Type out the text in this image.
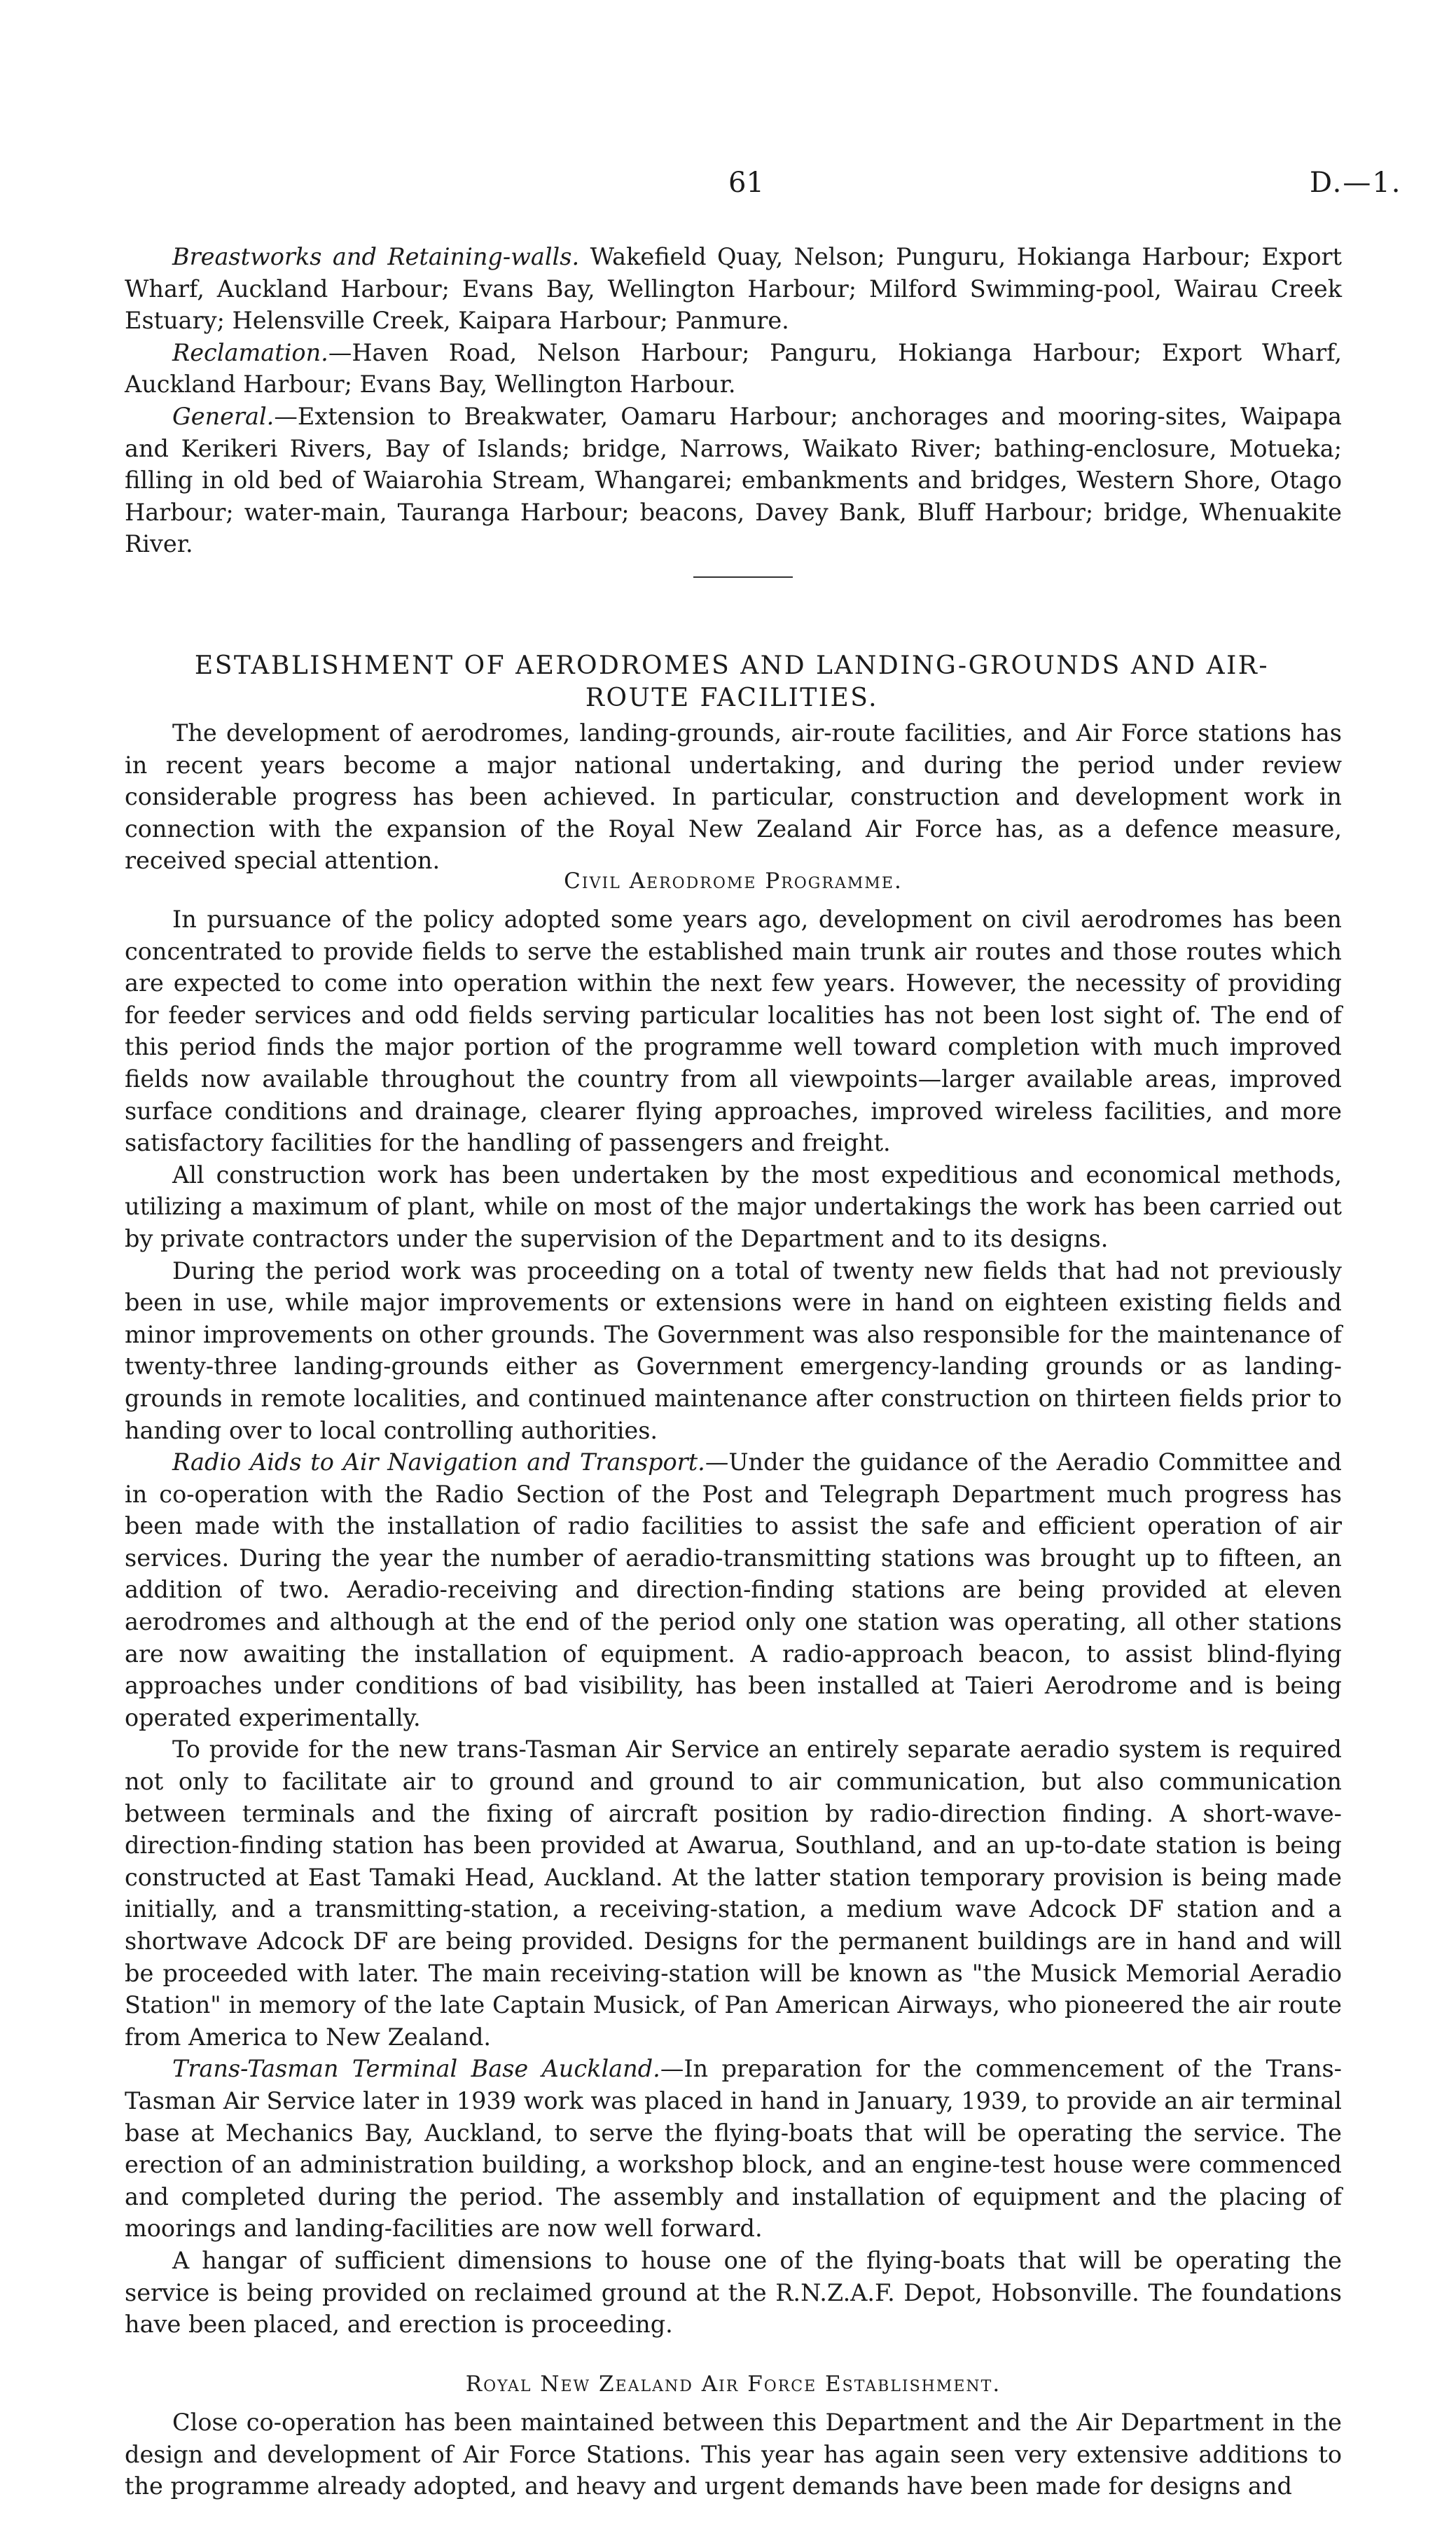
61	D.—1.

Breastworks and Retaining-walls. Wakefield Quay, Nelson; Punguru, Hokianga Harbour; Export Wharf, Auckland Harbour; Evans Bay, Wellington Harbour; Milford Swimming-pool, Wairau Creek Estuary; Helensville Creek, Kaipara Harbour; Panmure.

Reclamation.—Haven Road, Nelson Harbour; Panguru, Hokianga Harbour; Export Wharf, Auckland Harbour; Evans Bay, Wellington Harbour.

General.—Extension to Breakwater, Oamaru Harbour; anchorages and mooring-sites, Waipapa and Kerikeri Rivers, Bay of Islands; bridge, Narrows, Waikato River; bathing-enclosure, Motueka; filling in old bed of Waiarohia Stream, Whangarei; embankments and bridges, Western Shore, Otago Harbour; water-main, Tauranga Harbour; beacons, Davey Bank, Bluff Harbour; bridge, Whenuakite River.

ESTABLISHMENT OF AERODROMES AND LANDING-GROUNDS AND AIR-ROUTE FACILITIES.

The development of aerodromes, landing-grounds, air-route facilities, and Air Force stations has in recent years become a major national undertaking, and during the period under review considerable progress has been achieved. In particular, construction and development work in connection with the expansion of the Royal New Zealand Air Force has, as a defence measure, received special attention.

Civil Aerodrome Programme.

In pursuance of the policy adopted some years ago, development on civil aerodromes has been concentrated to provide fields to serve the established main trunk air routes and those routes which are expected to come into operation within the next few years. However, the necessity of providing for feeder services and odd fields serving particular localities has not been lost sight of. The end of this period finds the major portion of the programme well toward completion with much improved fields now available throughout the country from all viewpoints—larger available areas, improved surface conditions and drainage, clearer flying approaches, improved wireless facilities, and more satisfactory facilities for the handling of passengers and freight.

All construction work has been undertaken by the most expeditious and economical methods, utilizing a maximum of plant, while on most of the major undertakings the work has been carried out by private contractors under the supervision of the Department and to its designs.

During the period work was proceeding on a total of twenty new fields that had not previously been in use, while major improvements or extensions were in hand on eighteen existing fields and minor improvements on other grounds. The Government was also responsible for the maintenance of twenty-three landing-grounds either as Government emergency-landing grounds or as landing-grounds in remote localities, and continued maintenance after construction on thirteen fields prior to handing over to local controlling authorities.

Radio Aids to Air Navigation and Transport.—Under the guidance of the Aeradio Committee and in co-operation with the Radio Section of the Post and Telegraph Department much progress has been made with the installation of radio facilities to assist the safe and efficient operation of air services. During the year the number of aeradio-transmitting stations was brought up to fifteen, an addition of two. Aeradio-receiving and direction-finding stations are being provided at eleven aerodromes and although at the end of the period only one station was operating, all other stations are now awaiting the installation of equipment. A radio-approach beacon, to assist blind-flying approaches under conditions of bad visibility, has been installed at Taieri Aerodrome and is being operated experimentally.

To provide for the new trans-Tasman Air Service an entirely separate aeradio system is required not only to facilitate air to ground and ground to air communication, but also communication between terminals and the fixing of aircraft position by radio-direction finding. A short-wave-direction-finding station has been provided at Awarua, Southland, and an up-to-date station is being constructed at East Tamaki Head, Auckland. At the latter station temporary provision is being made initially, and a transmitting-station, a receiving-station, a medium wave Adcock DF station and a shortwave Adcock DF are being provided. Designs for the permanent buildings are in hand and will be proceeded with later. The main receiving-station will be known as "the Musick Memorial Aeradio Station" in memory of the late Captain Musick, of Pan American Airways, who pioneered the air route from America to New Zealand.

Trans-Tasman Terminal Base Auckland.—In preparation for the commencement of the Trans-Tasman Air Service later in 1939 work was placed in hand in January, 1939, to provide an air terminal base at Mechanics Bay, Auckland, to serve the flying-boats that will be operating the service. The erection of an administration building, a workshop block, and an engine-test house were commenced and completed during the period. The assembly and installation of equipment and the placing of moorings and landing-facilities are now well forward.

A hangar of sufficient dimensions to house one of the flying-boats that will be operating the service is being provided on reclaimed ground at the R.N.Z.A.F. Depot, Hobsonville. The foundations have been placed, and erection is proceeding.

Royal New Zealand Air Force Establishment.

Close co-operation has been maintained between this Department and the Air Department in the design and development of Air Force Stations. This year has again seen very extensive additions to the programme already adopted, and heavy and urgent demands have been made for designs and
